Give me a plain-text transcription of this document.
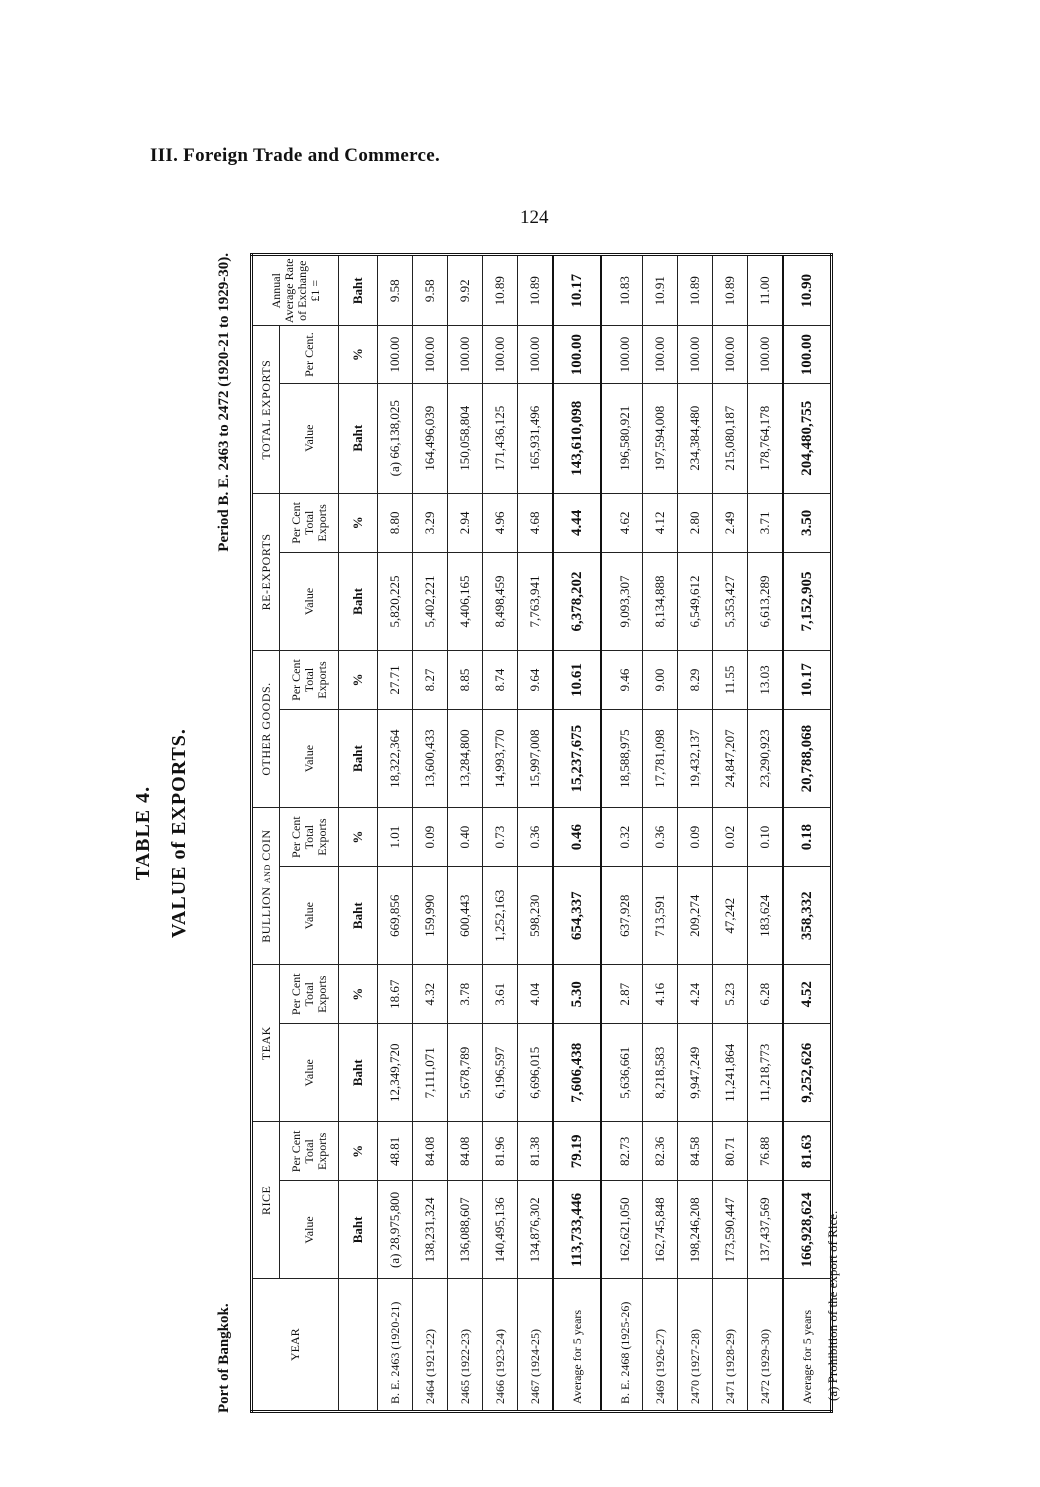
III. Foreign Trade and Commerce.
124
TABLE 4. VALUE of EXPORTS.
Port of Bangkok.
Period B. E. 2463 to 2472 (1920-21 to 1929-30).
YEAR	RICE		TEAK		BULLION and COIN		OTHER GOODS.		RE-EXPORTS		TOTAL EXPORTS		Annual Average Rate of Exchange £1 =
	Value	Per Cent Total Exports	Value	Per Cent Total Exports	Value	Per Cent Total Exports	Value	Per Cent Total Exports	Value	Per Cent Total Exports	Value	Per Cent.	
	Baht	%	Baht	%	Baht	%	Baht	%	Baht	%	Baht	%	Baht
B. E. 2463 (1920-21)	(a) 28,975,800	48.81	12,349,720	18.67	669,856	1.01	18,322,364	27.71	5,820,225	8.80	(a) 66,138,025	100.00	9.58
2464 (1921-22)	138,231,324	84.08	7,111,071	4.32	159,990	0.09	13,600,433	8.27	5,402,221	3.29	164,496,039	100.00	9.58
2465 (1922-23)	136,088,607	84.08	5,678,789	3.78	600,443	0.40	13,284,800	8.85	4,406,165	2.94	150,058,804	100.00	9.92
2466 (1923-24)	140,495,136	81.96	6,196,597	3.61	1,252,163	0.73	14,993,770	8.74	8,498,459	4.96	171,436,125	100.00	10.89
2467 (1924-25)	134,876,302	81.38	6,696,015	4.04	598,230	0.36	15,997,008	9.64	7,763,941	4.68	165,931,496	100.00	10.89
Average for 5 years	113,733,446	79.19	7,606,438	5.30	654,337	0.46	15,237,675	10.61	6,378,202	4.44	143,610,098	100.00	10.17
B. E. 2468 (1925-26)	162,621,050	82.73	5,636,661	2.87	637,928	0.32	18,588,975	9.46	9,093,307	4.62	196,580,921	100.00	10.83
2469 (1926-27)	162,745,848	82.36	8,218,583	4.16	713,591	0.36	17,781,098	9.00	8,134,888	4.12	197,594,008	100.00	10.91
2470 (1927-28)	198,246,208	84.58	9,947,249	4.24	209,274	0.09	19,432,137	8.29	6,549,612	2.80	234,384,480	100.00	10.89
2471 (1928-29)	173,590,447	80.71	11,241,864	5.23	47,242	0.02	24,847,207	11.55	5,353,427	2.49	215,080,187	100.00	10.89
2472 (1929-30)	137,437,569	76.88	11,218,773	6.28	183,624	0.10	23,290,923	13.03	6,613,289	3.71	178,764,178	100.00	11.00
Average for 5 years	166,928,624	81.63	9,252,626	4.52	358,332	0.18	20,788,068	10.17	7,152,905	3.50	204,480,755	100.00	10.90
(a) Prohibition of the export of Rice.
